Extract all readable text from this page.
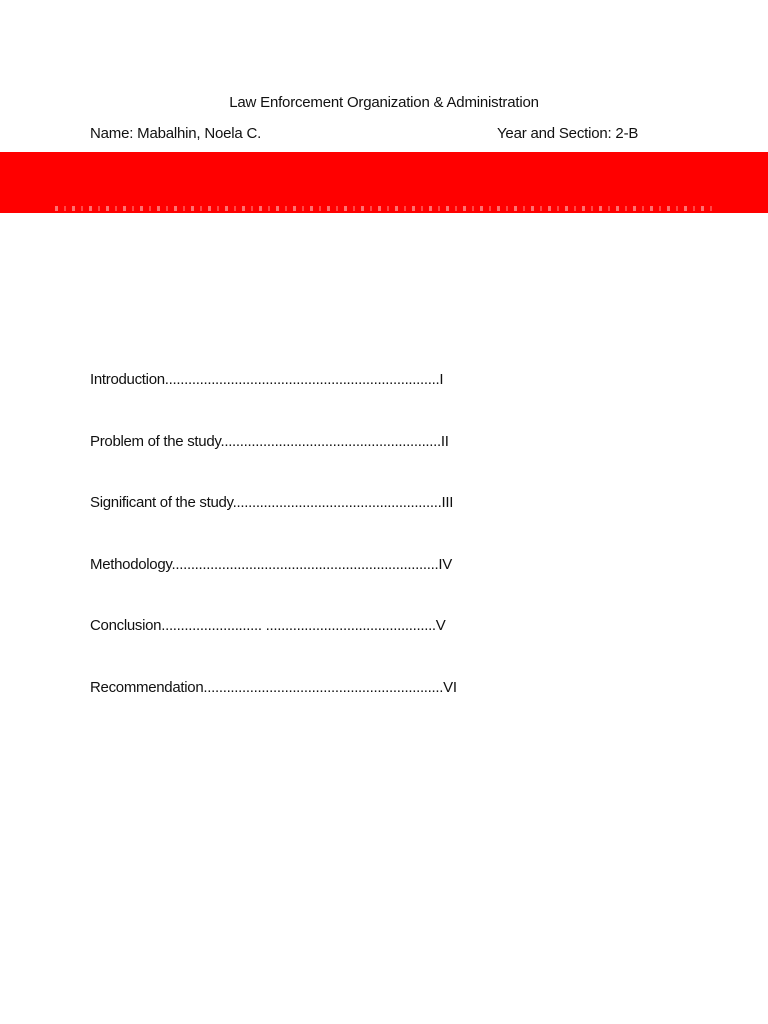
Law Enforcement Organization & Administration
Name: Mabalhin, Noela C.	Year and Section: 2-B
Introduction.......................................................................I
Problem of the study.........................................................II
Significant of the study......................................................III
Methodology.....................................................................IV
Conclusion.......................... ............................................V
Recommendation..............................................................VI
